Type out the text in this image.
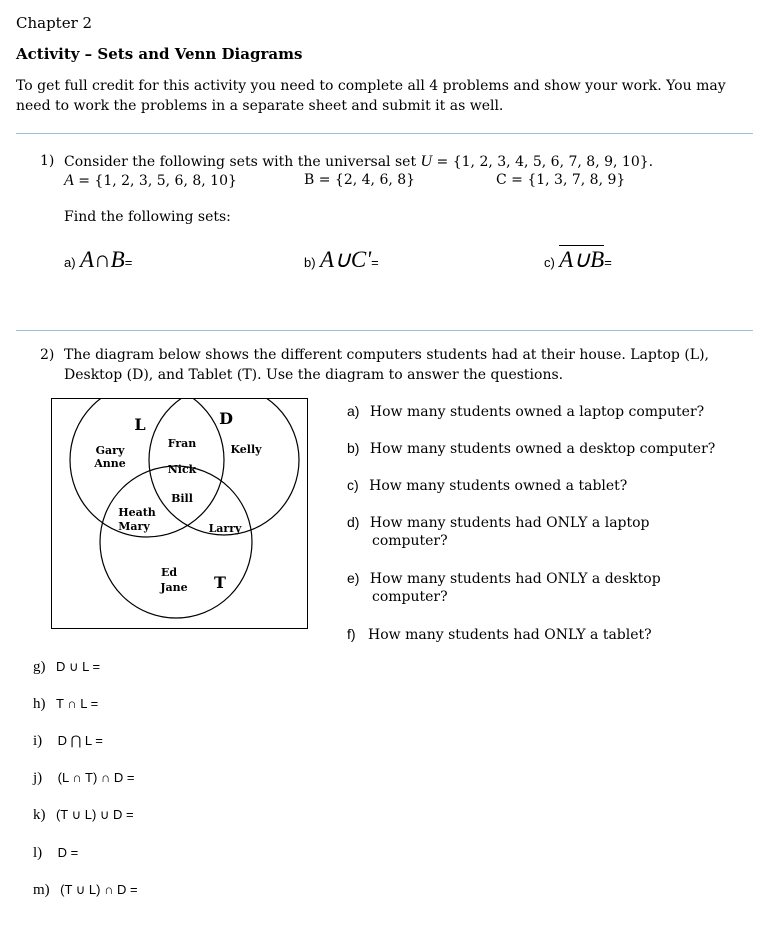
Chapter 2
Activity – Sets and Venn Diagrams
To get full credit for this activity you need to complete all 4 problems and show your work. You may need to work the problems in a separate sheet and submit it as well.
1) Consider the following sets with the universal set U = {1, 2, 3, 4, 5, 6, 7, 8, 9, 10}.
A = {1, 2, 3, 5, 6, 8, 10}	B = {2, 4, 6, 8}	C = {1, 3, 7, 8, 9}
Find the following sets:
a) A∩B=	b) A∪C'=	c) A∪B=
2) The diagram below shows the different computers students had at their house. Laptop (L),
Desktop (D), and Tablet (T). Use the diagram to answer the questions.
L	D
T
Gary
Anne
Fran
Nick
Bill
Kelly
Heath
Mary	Larry
Ed
Jane
a) How many students owned a laptop computer?
b) How many students owned a desktop computer?
c) How many students owned a tablet?
d) How many students had ONLY a laptop
computer?
e) How many students had ONLY a desktop
computer?
f) How many students had ONLY a tablet?
g) D ∪ L =
h) T ∩ L =
i) D ⋂ L =
j) (L ∩ T) ∩ D =
k) (T ∪ L) ∪ D =
l) D =
m) (T ∪ L) ∩ D =
